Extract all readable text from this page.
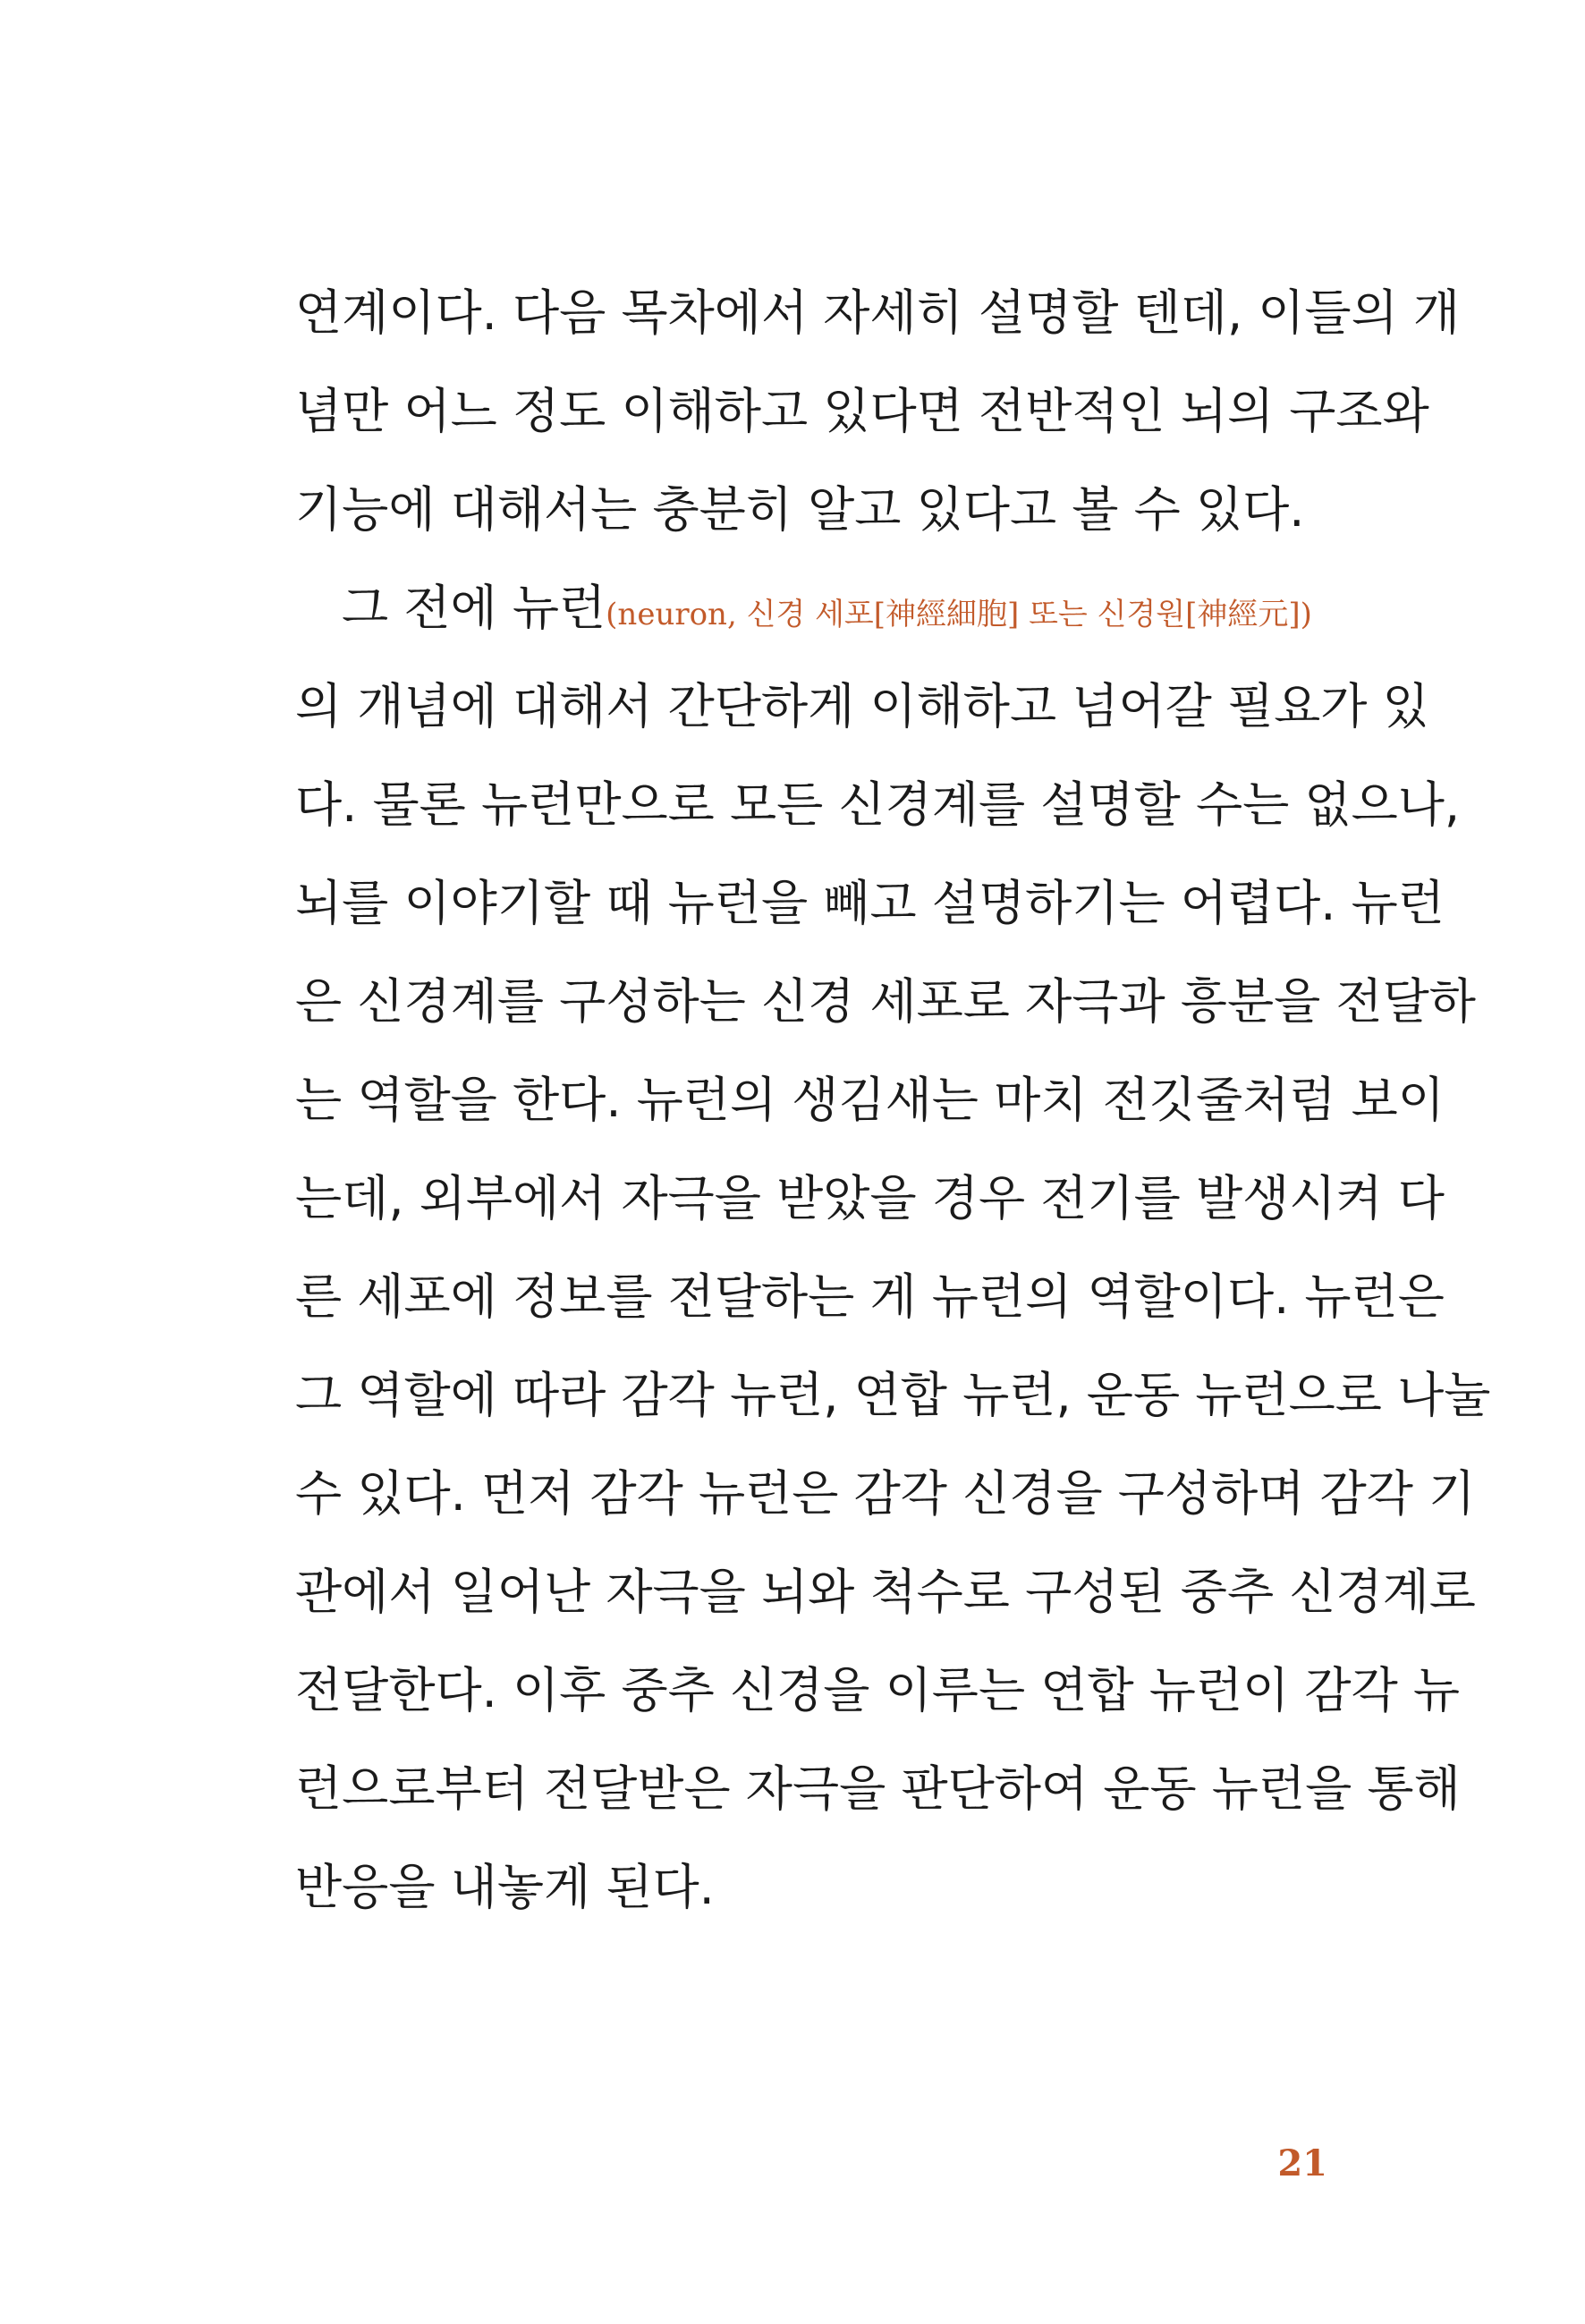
연계이다. 다음 목차에서 자세히 설명할 텐데, 이들의 개
념만 어느 정도 이해하고 있다면 전반적인 뇌의 구조와
기능에 대해서는 충분히 알고 있다고 볼 수 있다.
그 전에 뉴런(neuron, 신경 세포[神經細胞] 또는 신경원[神經元])
의 개념에 대해서 간단하게 이해하고 넘어갈 필요가 있
다. 물론 뉴런만으로 모든 신경계를 설명할 수는 없으나,
뇌를 이야기할 때 뉴런을 빼고 설명하기는 어렵다. 뉴런
은 신경계를 구성하는 신경 세포로 자극과 흥분을 전달하
는 역할을 한다. 뉴런의 생김새는 마치 전깃줄처럼 보이
는데, 외부에서 자극을 받았을 경우 전기를 발생시켜 다
른 세포에 정보를 전달하는 게 뉴런의 역할이다. 뉴런은
그 역할에 따라 감각 뉴런, 연합 뉴런, 운동 뉴런으로 나눌
수 있다. 먼저 감각 뉴런은 감각 신경을 구성하며 감각 기
관에서 일어난 자극을 뇌와 척수로 구성된 중추 신경계로
전달한다. 이후 중추 신경을 이루는 연합 뉴런이 감각 뉴
런으로부터 전달받은 자극을 판단하여 운동 뉴런을 통해
반응을 내놓게 된다.
21
